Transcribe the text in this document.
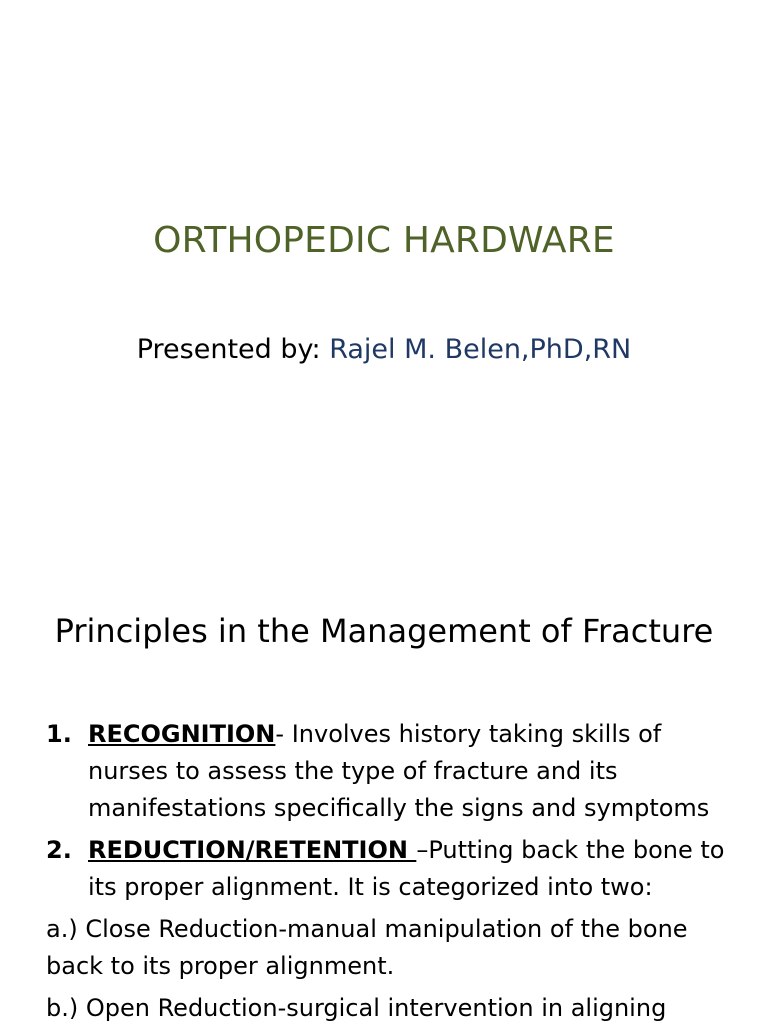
ORTHOPEDIC HARDWARE
Presented by: Rajel M. Belen,PhD,RN
Principles in the Management of Fracture
1. RECOGNITION- Involves history taking skills of nurses to assess the type of fracture and its manifestations specifically the signs and symptoms
2. REDUCTION/RETENTION –Putting back the bone to its proper alignment. It is categorized into two:
a.) Close Reduction-manual manipulation of the bone back to its proper alignment.
b.) Open Reduction-surgical intervention in aligning
